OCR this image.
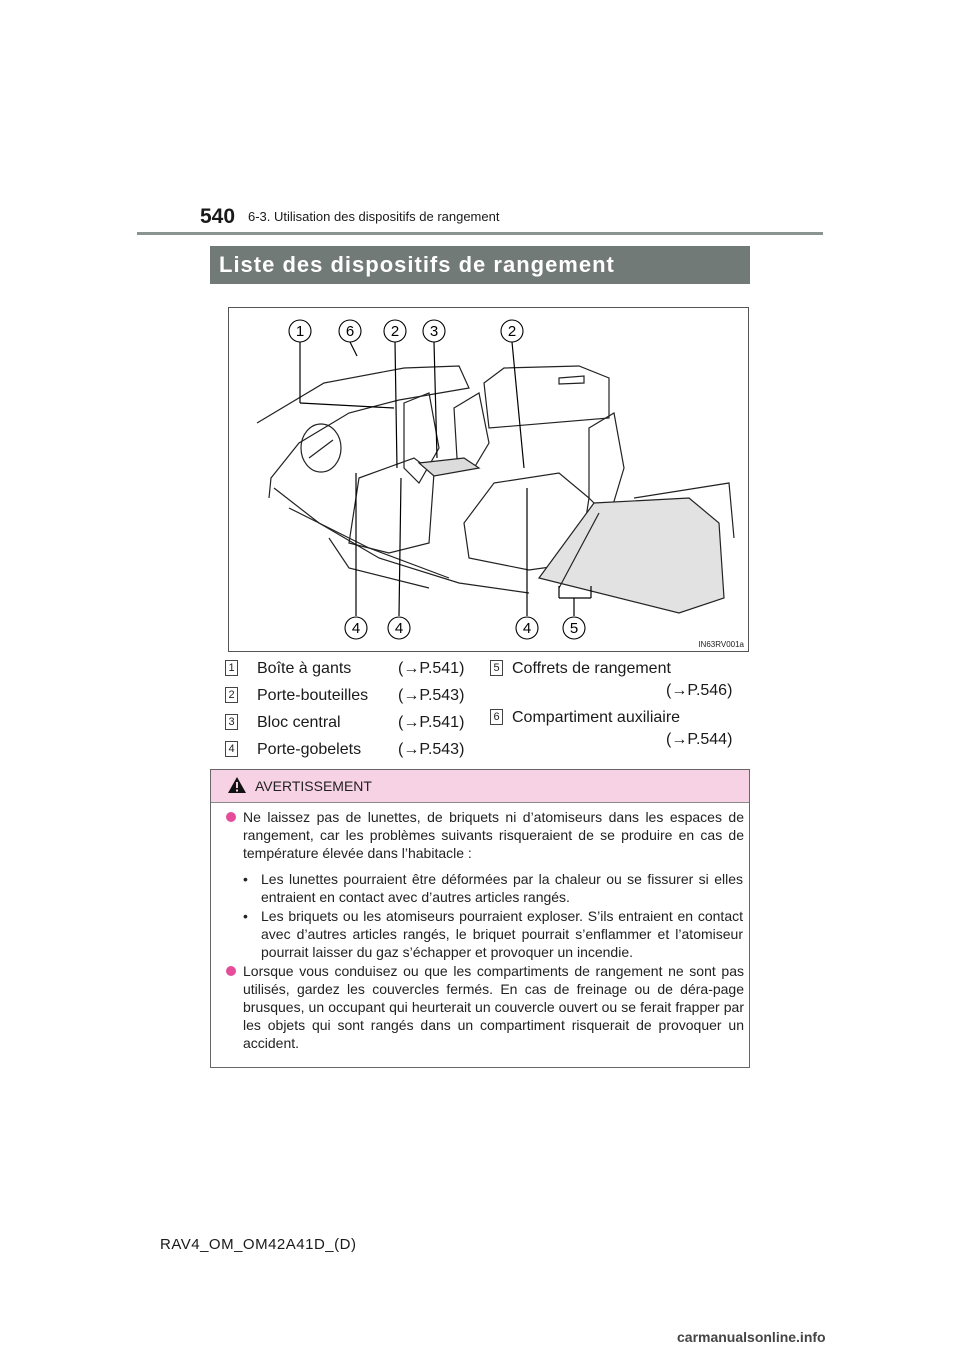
540 6-3. Utilisation des dispositifs de rangement
Liste des dispositifs de rangement
1	6 2 3	2
4 4	4	5
IN63RV001a
1 Boîte à gants	(→P.541)
2 Porte-bouteilles (→P.543)
3 Bloc central	(→P.541)
4 Porte-gobelets (→P.543)
5 Coffrets de rangement
(→P.546)
6 Compartiment auxiliaire
(→P.544)
AVERTISSEMENT
Ne laissez pas de lunettes, de briquets ni d’atomiseurs dans les espaces de rangement, car les problèmes suivants risqueraient de se produire en cas de température élevée dans l’habitacle :
• Les lunettes pourraient être déformées par la chaleur ou se fissurer si elles entraient en contact avec d’autres articles rangés.
• Les briquets ou les atomiseurs pourraient exploser. S’ils entraient en contact avec d’autres articles rangés, le briquet pourrait s’enflammer et l’atomiseur pourrait laisser du gaz s’échapper et provoquer un incendie.
Lorsque vous conduisez ou que les compartiments de rangement ne sont pas utilisés, gardez les couvercles fermés. En cas de freinage ou de déra-page brusques, un occupant qui heurterait un couvercle ouvert ou se ferait frapper par les objets qui sont rangés dans un compartiment risquerait de provoquer un accident.
RAV4_OM_OM42A41D_(D)
carmanualsonline.info
